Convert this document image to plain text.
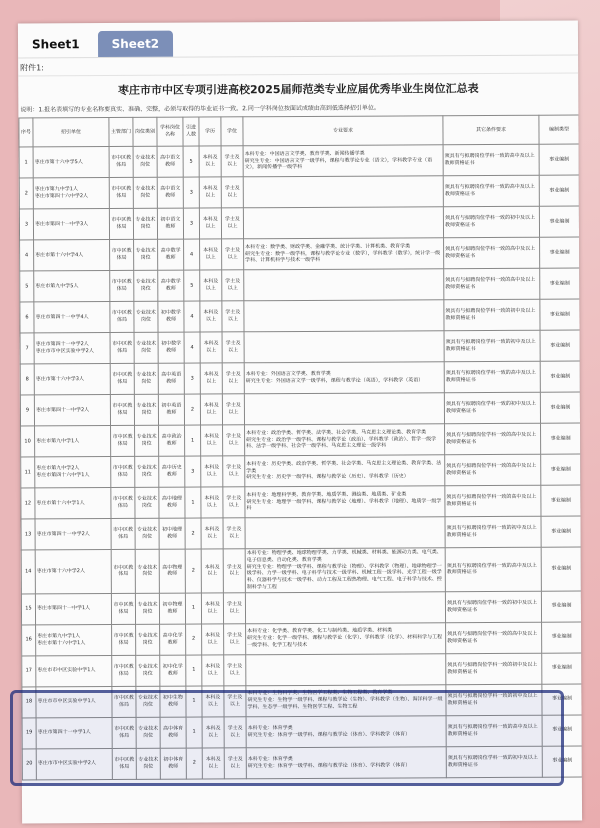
Sheet1	Sheet2
附件1:
枣庄市市中区专项引进高校2025届师范类专业应届优秀毕业生岗位汇总表
说明：1.报名表填写的专业名称要真实、准确、完整，必须与取得的毕业证书一致。2.同一学科岗位按面试成绩由高到低选择招引单位。
序号	招引单位	主管部门	岗位类别	学科岗位名称	引进人数	学历	学位	专业要求	其它条件要求	编制类型
1	枣庄市第十六中学5人	市中区教体局	专业技术岗位	高中语文教师	5	本科及以上	学士及以上	本科专业：中国语言文学类、教育学类、新闻传播学类
研究生专业：中国语言文学一级学科，课程与教学论专业（语文），学科教学专业（语文），新闻传播学一级学科	须具有与拟聘岗位学科一致的高中及以上教师资格证书	事业编制
2	枣庄市第九中学1人
枣庄市第四十六中学2人	市中区教体局	专业技术岗位	高中语文教师	3	本科及以上	学士及以上		须具有与拟聘岗位学科一致的高中及以上教师资格证书	事业编制
3	枣庄市第四十一中学3人	市中区教体局	专业技术岗位	初中语文教师	3	本科及以上	学士及以上		须具有与拟聘岗位学科一致的初中及以上教师资格证书	事业编制
4	枣庄市第十六中学4人	市中区教体局	专业技术岗位	高中数学教师	4	本科及以上	学士及以上	本科专业：数学类、财政学类、金融学类、统计学类、计算机类、教育学类
研究生专业：数学一级学科，课程与教学论专业（数学），学科教学（数学），统计学一级学科、计算机科学与技术一级学科	须具有与拟聘岗位学科一致的高中及以上教师资格证书	事业编制
5	枣庄市第九中学5人	市中区教体局	专业技术岗位	高中数学教师	5	本科及以上	学士及以上		须具有与拟聘岗位学科一致的高中及以上教师资格证书	事业编制
6	枣庄市第四十一中学4人	市中区教体局	专业技术岗位	初中数学教师	4	本科及以上	学士及以上		须具有与拟聘岗位学科一致的初中及以上教师资格证书	事业编制
7	枣庄市第四十一中学2人
枣庄市市中区实验中学2人	市中区教体局	专业技术岗位	初中数学教师	4	本科及以上	学士及以上		须具有与拟聘岗位学科一致的初中及以上教师资格证书	事业编制
8	枣庄市第十六中学3人	市中区教体局	专业技术岗位	高中英语教师	3	本科及以上	学士及以上	本科专业：外国语言文学类、教育学类
研究生专业：外国语言文学一级学科，课程与教学论（英语），学科教学（英语）	须具有与拟聘岗位学科一致的高中及以上教师资格证书	事业编制
9	枣庄市第四十一中学2人	市中区教体局	专业技术岗位	初中英语教师	2	本科及以上	学士及以上		须具有与拟聘岗位学科一致的初中及以上教师资格证书	事业编制
10	枣庄市第九中学1人	市中区教体局	专业技术岗位	高中政治教师	1	本科及以上	学士及以上	本科专业：政治学类、哲学类、法学类、社会学类、马克思主义理论类、教育学类
研究生专业：政治学一级学科、课程与教学论（政治）、学科教学（政治）、哲学一级学科、法学一级学科、社会学一级学科、马克思主义理论一级学科	须具有与拟聘岗位学科一致的高中及以上教师资格证书	事业编制
11	枣庄市第九中学2人
枣庄市第四十六中学1人	市中区教体局	专业技术岗位	高中历史教师	3	本科及以上	学士及以上	本科专业：历史学类、政治学类、哲学类、社会学类、马克思主义理论类、教育学类、法学类
研究生专业：历史学一级学科、课程与教学论（历史）、学科教学（历史）	须具有与拟聘岗位学科一致的高中及以上教师资格证书	事业编制
12	枣庄市第十六中学1人	市中区教体局	专业技术岗位	高中地理教师	1	本科及以上	学士及以上	本科专业：地理科学类、教育学类、地质学类、测绘类、地质类、矿业类
研究生专业：地理学一级学科、课程与教学论（地理）、学科教学（地理）、地质学一级学科	须具有与拟聘岗位学科一致的高中及以上教师资格证书	事业编制
13	枣庄市第四十一中学2人	市中区教体局	专业技术岗位	初中地理教师	2	本科及以上	学士及以上		须具有与拟聘岗位学科一致的初中及以上教师资格证书	事业编制
14	枣庄市第十六中学2人	市中区教体局	专业技术岗位	高中物理教师	2	本科及以上	学士及以上	本科专业：物理学类、地球物理学类、力学类、机械类、材料类、能源动力类、电气类、电子信息类、自动化类、教育学类
研究生专业：物理学一级学科、课程与教学论（物理）、学科教学（物理）、地球物理学一级学科、力学一级学科、电子科学与技术一级学科、机械工程一级学科、光学工程一级学科、仪器科学与技术一级学科、动力工程及工程热物理、电气工程、电子科学与技术、控制科学与工程	须具有与拟聘岗位学科一致的高中及以上教师资格证书	事业编制
15	枣庄市第四十一中学1人	市中区教体局	专业技术岗位	初中物理教师	1	本科及以上	学士及以上		须具有与拟聘岗位学科一致的初中及以上教师资格证书	事业编制
16	枣庄市第九中学1人
枣庄市第十六中学1人	市中区教体局	专业技术岗位	高中化学教师	2	本科及以上	学士及以上	本科专业：化学类、教育学类、化工与制药类、地质学类、材料类
研究生专业：化学一级学科、课程与教学论（化学）、学科教学（化学）、材料科学与工程一级学科、化学工程与技术	须具有与拟聘岗位学科一致的高中及以上教师资格证书	事业编制
17	枣庄市市中区实验中学1人	市中区教体局	专业技术岗位	初中化学教师	1	本科及以上	学士及以上		须具有与拟聘岗位学科一致的初中及以上教师资格证书	事业编制
18	枣庄市市中区实验中学1人	市中区教体局	专业技术岗位	初中生物教师	1	本科及以上	学士及以上	本科专业：生物科学类、生物医学工程类、生物工程类、教育学类
研究生专业：生物学一级学科、课程与教学论（生物）、学科教学（生物）、海洋科学一级学科、生态学一级学科、生物医学工程、生物工程	须具有与拟聘岗位学科一致的初中及以上教师资格证书	事业编制
19	枣庄市第四十一中学1人	市中区教体局	专业技术岗位	高中体育教师	1	本科及以上	学士及以上	本科专业：体育学类
研究生专业：体育学一级学科、课程与教学论（体育）、学科教学（体育）	须具有与拟聘岗位学科一致的高中及以上教师资格证书	事业编制
20	枣庄市市中区实验中学2人	市中区教体局	专业技术岗位	初中体育教师	2	本科及以上	学士及以上	本科专业：体育学类
研究生专业：体育学一级学科、课程与教学论（体育）、学科教学（体育）	须具有与拟聘岗位学科一致的初中及以上教师资格证书	事业编制
